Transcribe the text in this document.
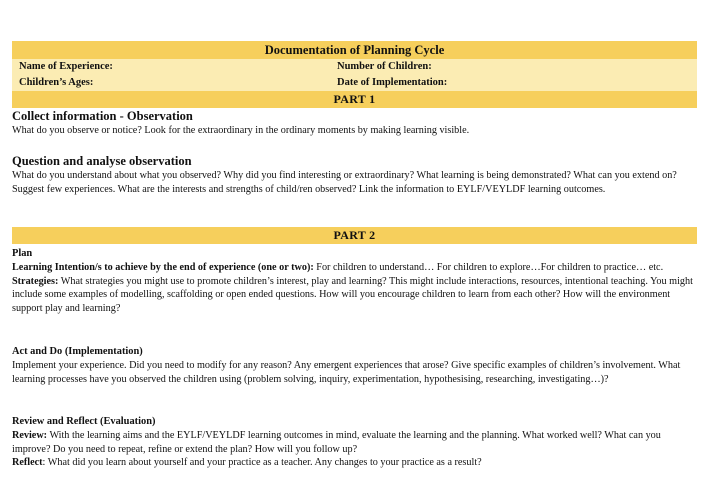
Documentation of Planning Cycle
Name of Experience:	Number of Children:
Children’s Ages:	Date of Implementation:
PART 1

Collect information - Observation

What do you observe or notice? Look for the extraordinary in the ordinary moments by making learning visible.

Question and analyse observation

What do you understand about what you observed? Why did you find interesting or extraordinary? What learning is being demonstrated? What can you extend on? Suggest few experiences. What are the interests and strengths of child/ren observed? Link the information to EYLF/VEYLDF learning outcomes.

PART 2

Plan

Learning Intention/s to achieve by the end of experience (one or two): For children to understand… For children to explore…For children to practice… etc.

Strategies: What strategies you might use to promote children’s interest, play and learning? This might include interactions, resources, intentional teaching. You might include some examples of modelling, scaffolding or open ended questions. How will you encourage children to learn from each other? How will the environment support play and learning?

Act and Do (Implementation)

Implement your experience. Did you need to modify for any reason? Any emergent experiences that arose? Give specific examples of children’s involvement. What learning processes have you observed the children using (problem solving, inquiry, experimentation, hypothesising, researching, investigating…)?

Review and Reflect (Evaluation)

Review: With the learning aims and the EYLF/VEYLDF learning outcomes in mind, evaluate the learning and the planning. What worked well? What can you improve? Do you need to repeat, refine or extend the plan? How will you follow up?

Reflect: What did you learn about yourself and your practice as a teacher. Any changes to your practice as a result?
